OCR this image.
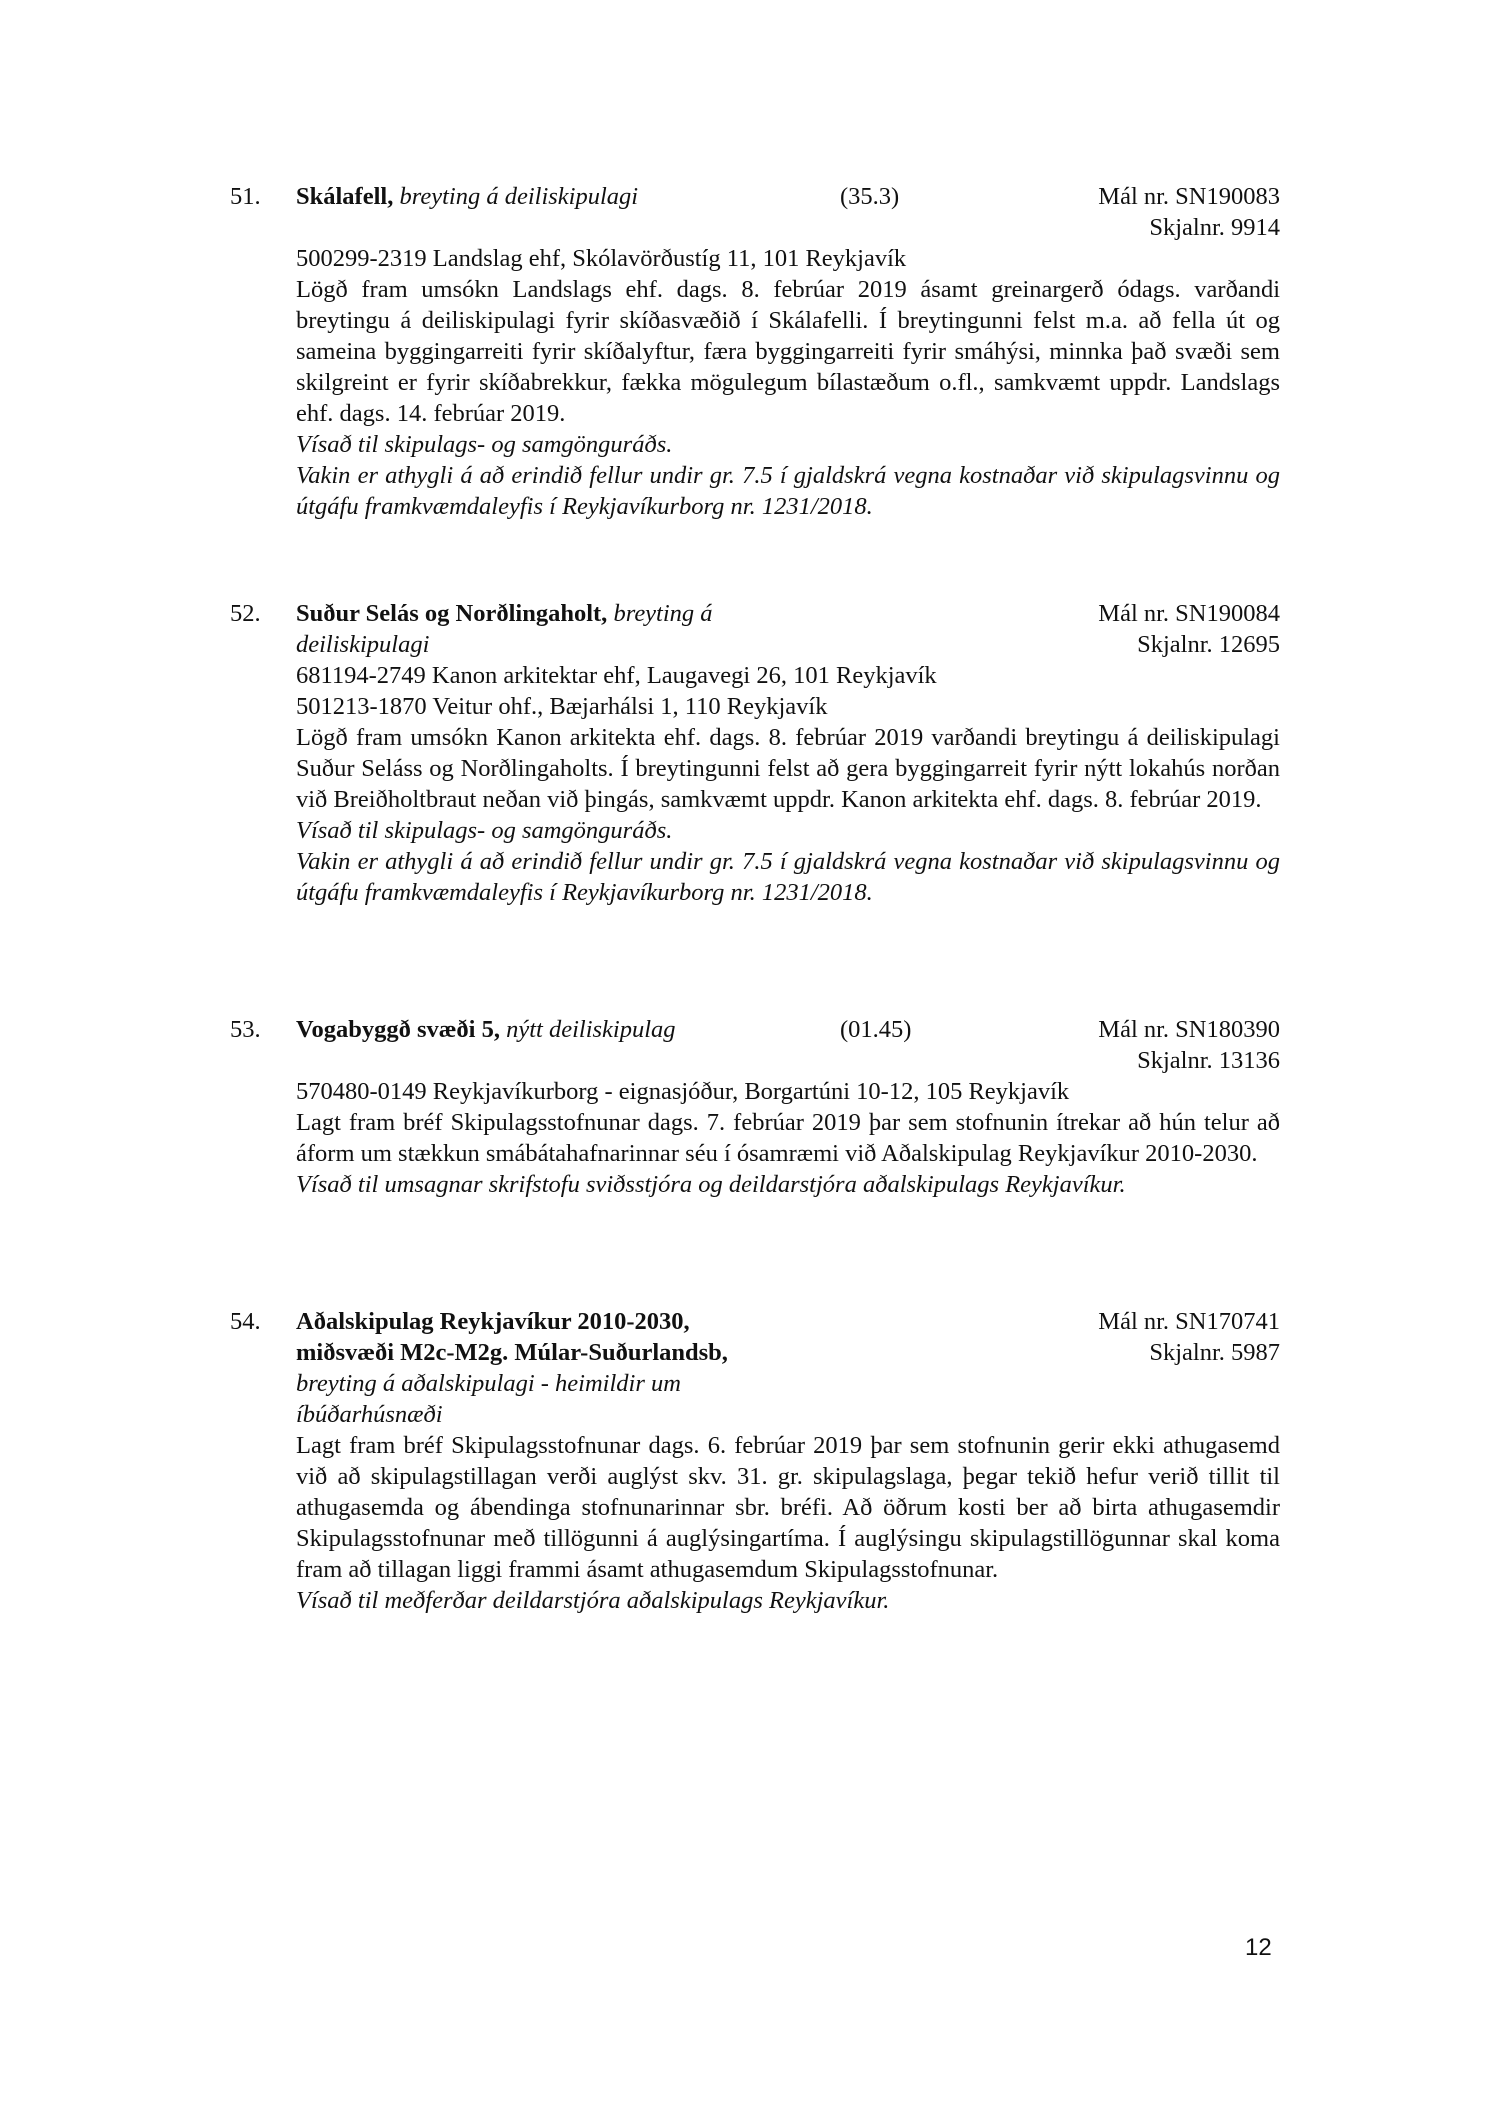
51. Skálafell, breyting á deiliskipulagi	(35.3)	Mál nr. SN190083
Skjalnr. 9914

500299-2319 Landslag ehf, Skólavörðustíg 11, 101 Reykjavík

Lögð fram umsókn Landslags ehf. dags. 8. febrúar 2019 ásamt greinargerð ódags. varðandi breytingu á deiliskipulagi fyrir skíðasvæðið í Skálafelli. Í breytingunni felst m.a. að fella út og sameina byggingarreiti fyrir skíðalyftur, færa byggingarreiti fyrir smáhýsi, minnka það svæði sem skilgreint er fyrir skíðabrekkur, fækka mögulegum bílastæðum o.fl., samkvæmt uppdr. Landslags ehf. dags. 14. febrúar 2019.

Vísað til skipulags- og samgönguráðs.

Vakin er athygli á að erindið fellur undir gr. 7.5 í gjaldskrá vegna kostnaðar við skipulagsvinnu og útgáfu framkvæmdaleyfis í Reykjavíkurborg nr. 1231/2018.

52. Suður Selás og Norðlingaholt, breyting á	Mál nr. SN190084
deiliskipulagi	Skjalnr. 12695

681194-2749 Kanon arkitektar ehf, Laugavegi 26, 101 Reykjavík

501213-1870 Veitur ohf., Bæjarhálsi 1, 110 Reykjavík

Lögð fram umsókn Kanon arkitekta ehf. dags. 8. febrúar 2019 varðandi breytingu á deiliskipulagi Suður Seláss og Norðlingaholts. Í breytingunni felst að gera byggingarreit fyrir nýtt lokahús norðan við Breiðholtbraut neðan við þingás, samkvæmt uppdr. Kanon arkitekta ehf. dags. 8. febrúar 2019.

Vísað til skipulags- og samgönguráðs.

Vakin er athygli á að erindið fellur undir gr. 7.5 í gjaldskrá vegna kostnaðar við skipulagsvinnu og útgáfu framkvæmdaleyfis í Reykjavíkurborg nr. 1231/2018.

53. Vogabyggð svæði 5, nýtt deiliskipulag	(01.45)	Mál nr. SN180390
Skjalnr. 13136

570480-0149 Reykjavíkurborg - eignasjóður, Borgartúni 10-12, 105 Reykjavík

Lagt fram bréf Skipulagsstofnunar dags. 7. febrúar 2019 þar sem stofnunin ítrekar að hún telur að áform um stækkun smábátahafnarinnar séu í ósamræmi við Aðalskipulag Reykjavíkur 2010-2030.

Vísað til umsagnar skrifstofu sviðsstjóra og deildarstjóra aðalskipulags Reykjavíkur.

54. Aðalskipulag Reykjavíkur 2010-2030,	Mál nr. SN170741
miðsvæði M2c-M2g. Múlar-Suðurlandsb,	Skjalnr. 5987
breyting á aðalskipulagi - heimildir um
íbúðarhúsnæði

Lagt fram bréf Skipulagsstofnunar dags. 6. febrúar 2019 þar sem stofnunin gerir ekki athugasemd við að skipulagstillagan verði auglýst skv. 31. gr. skipulagslaga, þegar tekið hefur verið tillit til athugasemda og ábendinga stofnunarinnar sbr. bréfi. Að öðrum kosti ber að birta athugasemdir Skipulagsstofnunar með tillögunni á auglýsingartíma. Í auglýsingu skipulagstillögunnar skal koma fram að tillagan liggi frammi ásamt athugasemdum Skipulagsstofnunar.

Vísað til meðferðar deildarstjóra aðalskipulags Reykjavíkur.

12
